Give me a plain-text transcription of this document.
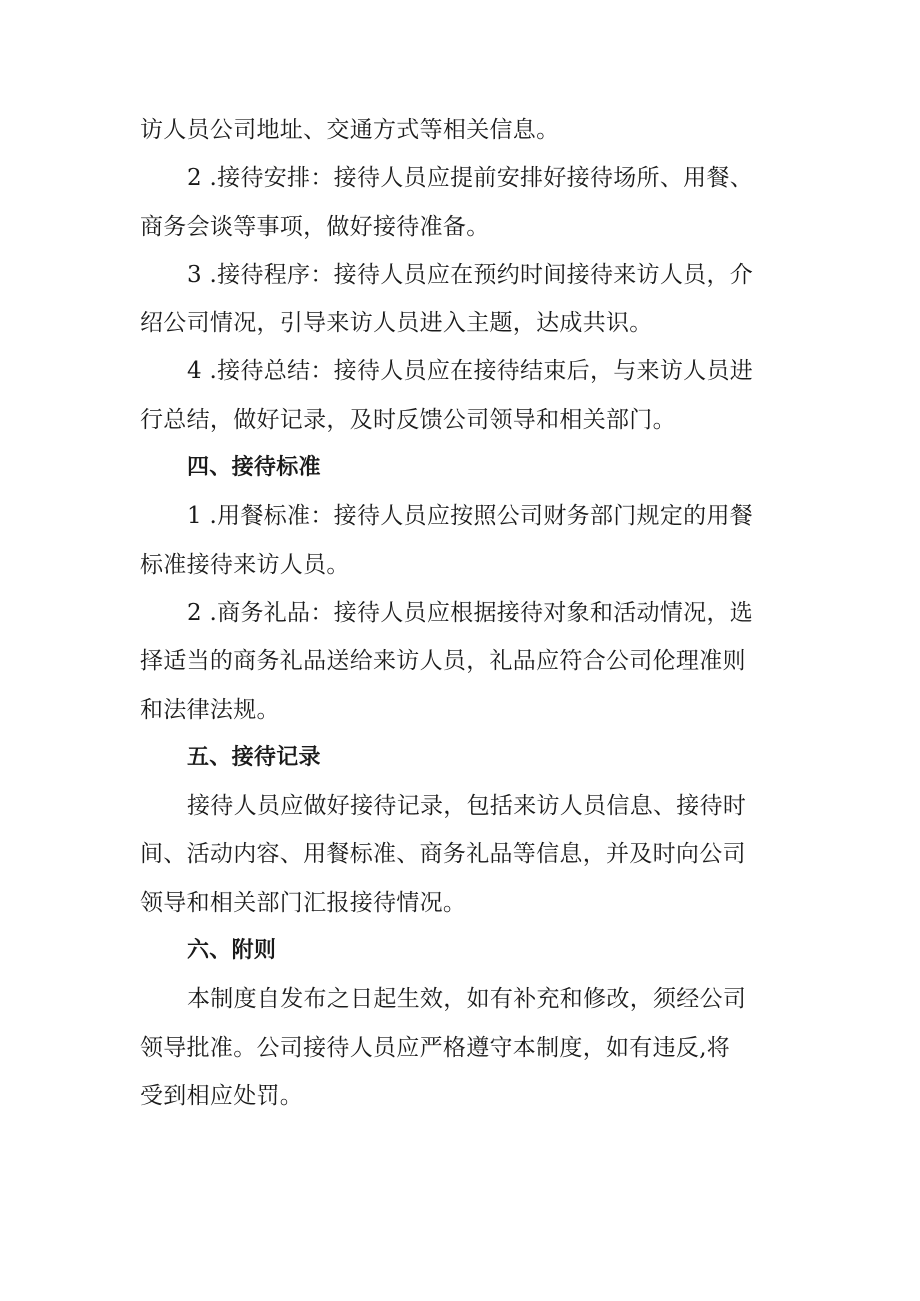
访人员公司地址、交通方式等相关信息。
2 .接待安排：接待人员应提前安排好接待场所、用餐、
商务会谈等事项，做好接待准备。
3 .接待程序：接待人员应在预约时间接待来访人员，介
绍公司情况，引导来访人员进入主题，达成共识。
4 .接待总结：接待人员应在接待结束后，与来访人员进
行总结，做好记录，及时反馈公司领导和相关部门。
四、接待标准
1 .用餐标准：接待人员应按照公司财务部门规定的用餐
标准接待来访人员。
2 .商务礼品：接待人员应根据接待对象和活动情况，选
择适当的商务礼品送给来访人员，礼品应符合公司伦理准则
和法律法规。
五、接待记录
接待人员应做好接待记录，包括来访人员信息、接待时
间、活动内容、用餐标准、商务礼品等信息，并及时向公司
领导和相关部门汇报接待情况。
六、附则
本制度自发布之日起生效，如有补充和修改，须经公司
领导批准。公司接待人员应严格遵守本制度，如有违反,将
受到相应处罚。
